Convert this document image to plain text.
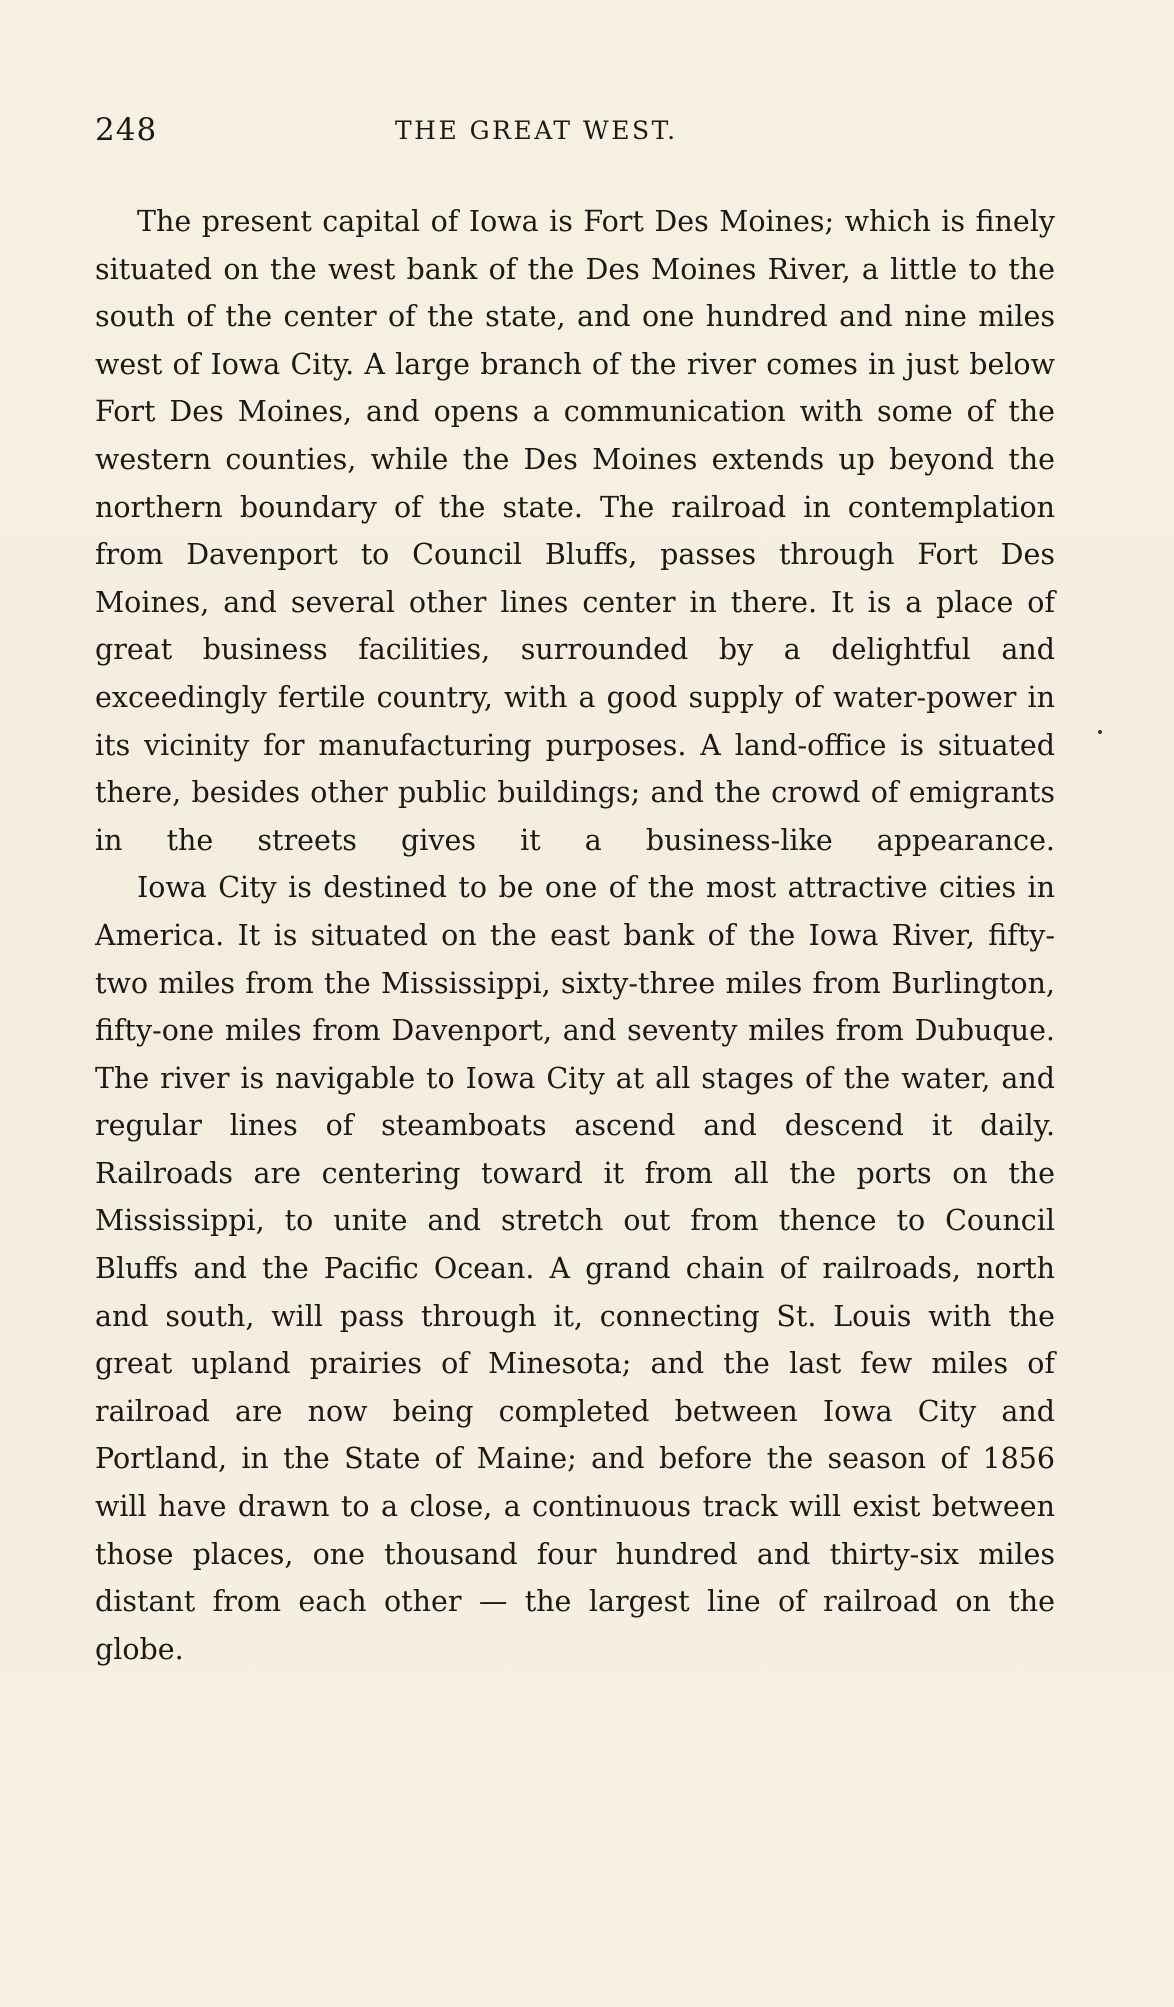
248	THE GREAT WEST.

The present capital of Iowa is Fort Des Moines; which is finely situated on the west bank of the Des Moines River, a little to the south of the center of the state, and one hundred and nine miles west of Iowa City. A large branch of the river comes in just below Fort Des Moines, and opens a communication with some of the western counties, while the Des Moines extends up beyond the northern boundary of the state. The railroad in contemplation from Davenport to Council Bluffs, passes through Fort Des Moines, and several other lines center in there. It is a place of great business facilities, surrounded by a delightful and exceedingly fertile country, with a good supply of water-power in its vicinity for manufacturing purposes. A land-office is situated there, besides other public buildings; and the crowd of emigrants in the streets gives it a business-like appearance.

Iowa City is destined to be one of the most attractive cities in America. It is situated on the east bank of the Iowa River, fifty-two miles from the Mississippi, sixty-three miles from Burlington, fifty-one miles from Davenport, and seventy miles from Dubuque. The river is navigable to Iowa City at all stages of the water, and regular lines of steamboats ascend and descend it daily. Railroads are centering toward it from all the ports on the Mississippi, to unite and stretch out from thence to Council Bluffs and the Pacific Ocean. A grand chain of railroads, north and south, will pass through it, connecting St. Louis with the great upland prairies of Minesota; and the last few miles of railroad are now being completed between Iowa City and Portland, in the State of Maine; and before the season of 1856 will have drawn to a close, a continuous track will exist between those places, one thousand four hundred and thirty-six miles distant from each other — the largest line of railroad on the globe.
